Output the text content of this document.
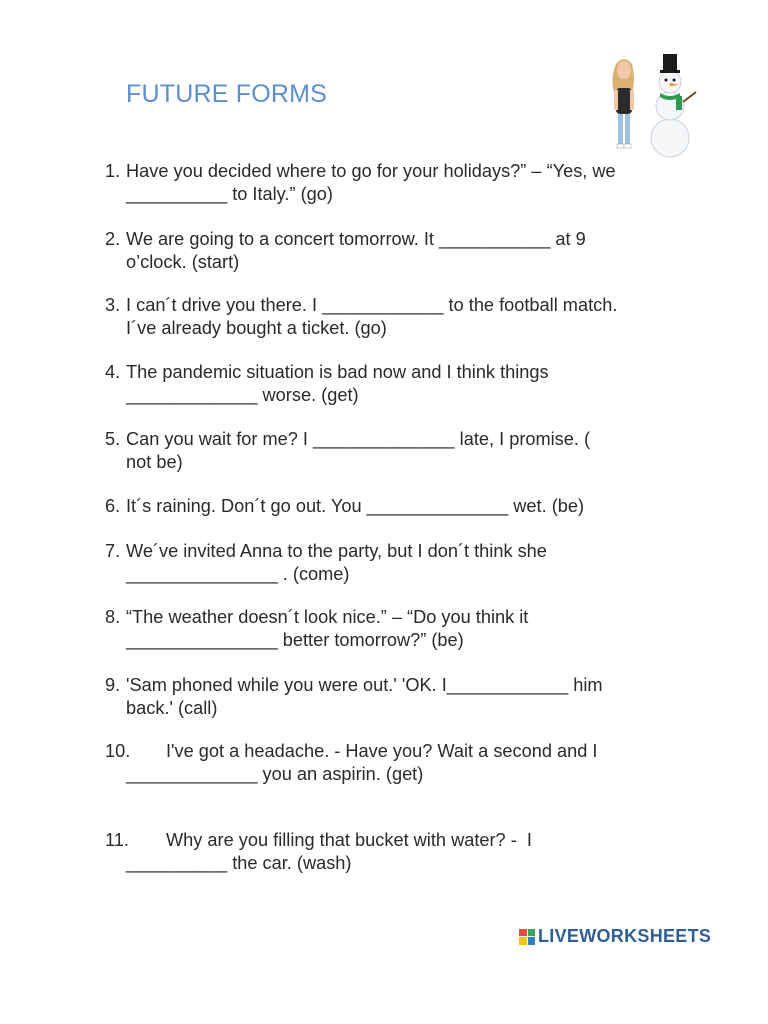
FUTURE FORMS
1. Have you decided where to go for your holidays?” – “Yes, we
__________ to Italy.” (go)
2. We are going to a concert tomorrow. It ___________ at 9
o’clock. (start)
3. I can´t drive you there. I ____________ to the football match.
I´ve already bought a ticket. (go)
4. The pandemic situation is bad now and I think things
_____________ worse. (get)
5. Can you wait for me? I ______________ late, I promise. (
not be)
6. It´s raining. Don´t go out. You ______________ wet. (be)
7. We´ve invited Anna to the party, but I don´t think she
_______________ . (come)
8. “The weather doesn´t look nice.” – “Do you think it
_______________ better tomorrow?” (be)
9. 'Sam phoned while you were out.' 'OK. I____________ him
back.' (call)
10. I've got a headache. - Have you? Wait a second and I
_____________ you an aspirin. (get)
11. Why are you filling that bucket with water? -  I
__________ the car. (wash)
LIVEWORKSHEETS
